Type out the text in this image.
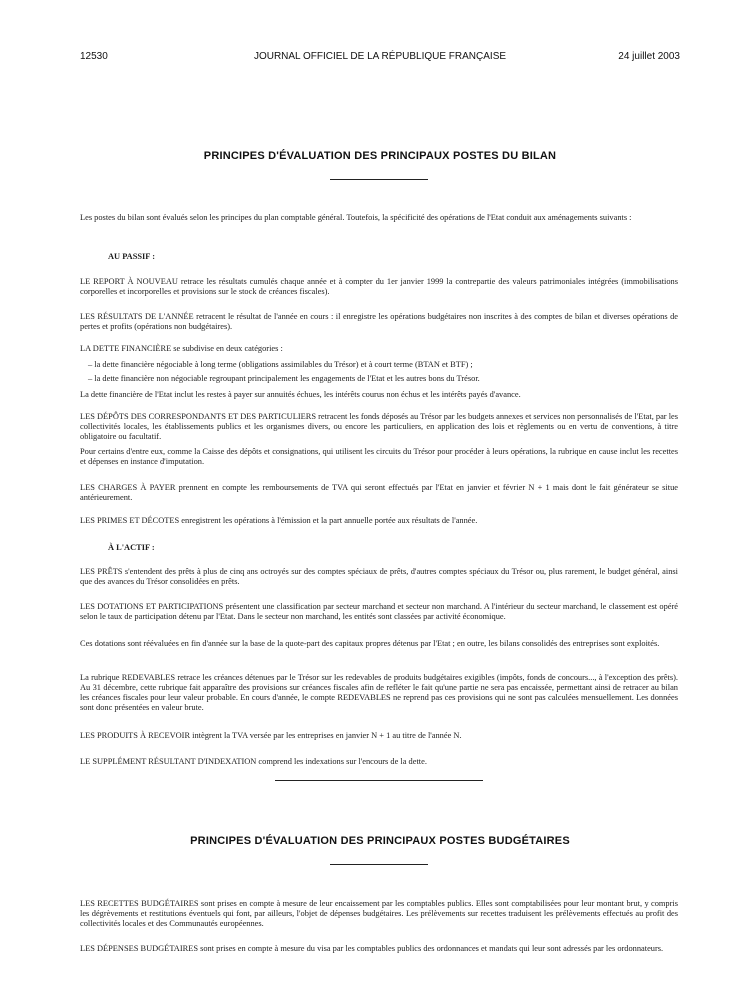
12530	JOURNAL OFFICIEL DE LA RÉPUBLIQUE FRANÇAISE	24 juillet 2003
PRINCIPES D'ÉVALUATION DES PRINCIPAUX POSTES DU BILAN

Les postes du bilan sont évalués selon les principes du plan comptable général. Toutefois, la spécificité des opérations de l'Etat conduit aux aménagements suivants :

AU PASSIF :

LE REPORT À NOUVEAU retrace les résultats cumulés chaque année et à compter du 1er janvier 1999 la contrepartie des valeurs patrimoniales intégrées (immobilisations corporelles et incorporelles et provisions sur le stock de créances fiscales).

LES RÉSULTATS DE L'ANNÉE retracent le résultat de l'année en cours : il enregistre les opérations budgétaires non inscrites à des comptes de bilan et diverses opérations de pertes et profits (opérations non budgétaires).

LA DETTE FINANCIÈRE se subdivise en deux catégories :

– la dette financière négociable à long terme (obligations assimilables du Trésor) et à court terme (BTAN et BTF) ;
– la dette financière non négociable regroupant principalement les engagements de l'Etat et les autres bons du Trésor.

La dette financière de l'Etat inclut les restes à payer sur annuités échues, les intérêts courus non échus et les intérêts payés d'avance.

LES DÉPÔTS DES CORRESPONDANTS ET DES PARTICULIERS retracent les fonds déposés au Trésor par les budgets annexes et services non personnalisés de l'Etat, par les collectivités locales, les établissements publics et les organismes divers, ou encore les particuliers, en application des lois et règlements ou en vertu de conventions, à titre obligatoire ou facultatif.

Pour certains d'entre eux, comme la Caisse des dépôts et consignations, qui utilisent les circuits du Trésor pour procéder à leurs opérations, la rubrique en cause inclut les recettes et dépenses en instance d'imputation.

LES CHARGES À PAYER prennent en compte les remboursements de TVA qui seront effectués par l'Etat en janvier et février N + 1 mais dont le fait générateur se situe antérieurement.

LES PRIMES ET DÉCOTES enregistrent les opérations à l'émission et la part annuelle portée aux résultats de l'année.

À L'ACTIF :

LES PRÊTS s'entendent des prêts à plus de cinq ans octroyés sur des comptes spéciaux de prêts, d'autres comptes spéciaux du Trésor ou, plus rarement, le budget général, ainsi que des avances du Trésor consolidées en prêts.

LES DOTATIONS ET PARTICIPATIONS présentent une classification par secteur marchand et secteur non marchand. A l'intérieur du secteur marchand, le classement est opéré selon le taux de participation détenu par l'Etat. Dans le secteur non marchand, les entités sont classées par activité économique.

Ces dotations sont réévaluées en fin d'année sur la base de la quote-part des capitaux propres détenus par l'Etat ; en outre, les bilans consolidés des entreprises sont exploités.

La rubrique REDEVABLES retrace les créances détenues par le Trésor sur les redevables de produits budgétaires exigibles (impôts, fonds de concours..., à l'exception des prêts). Au 31 décembre, cette rubrique fait apparaître des provisions sur créances fiscales afin de refléter le fait qu'une partie ne sera pas encaissée, permettant ainsi de retracer au bilan les créances fiscales pour leur valeur probable. En cours d'année, le compte REDEVABLES ne reprend pas ces provisions qui ne sont pas calculées mensuellement. Les données sont donc présentées en valeur brute.

LES PRODUITS À RECEVOIR intègrent la TVA versée par les entreprises en janvier N + 1 au titre de l'année N.

LE SUPPLÉMENT RÉSULTANT D'INDEXATION comprend les indexations sur l'encours de la dette.

PRINCIPES D'ÉVALUATION DES PRINCIPAUX POSTES BUDGÉTAIRES

LES RECETTES BUDGÉTAIRES sont prises en compte à mesure de leur encaissement par les comptables publics. Elles sont comptabilisées pour leur montant brut, y compris les dégrèvements et restitutions éventuels qui font, par ailleurs, l'objet de dépenses budgétaires. Les prélèvements sur recettes traduisent les prélèvements effectués au profit des collectivités locales et des Communautés européennes.

LES DÉPENSES BUDGÉTAIRES sont prises en compte à mesure du visa par les comptables publics des ordonnances et mandats qui leur sont adressés par les ordonnateurs.
